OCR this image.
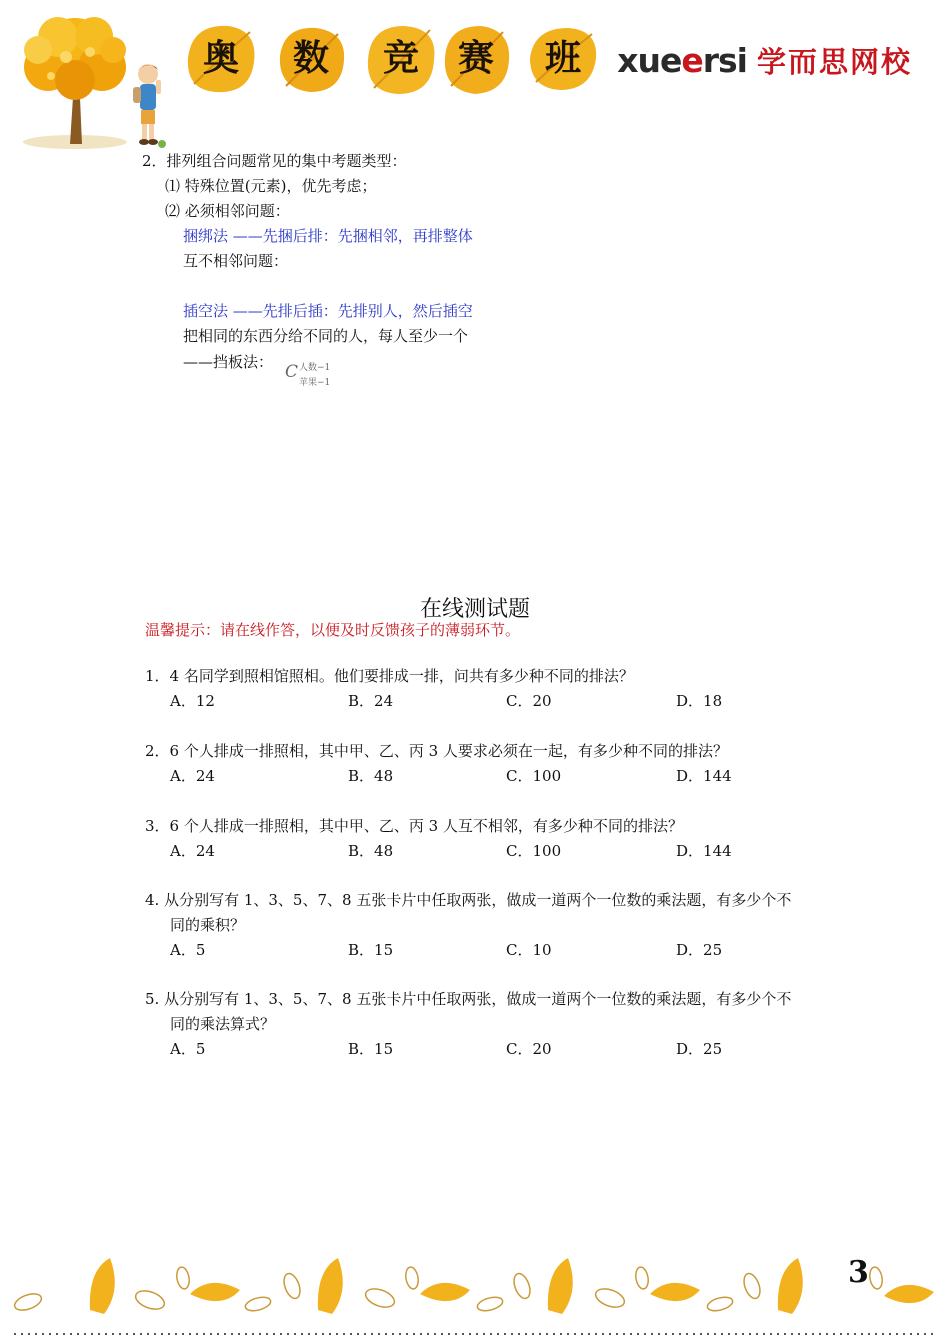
奥	数	竞	赛	班	xueersi 学而思网校
2．排列组合问题常见的集中考题类型：
⑴ 特殊位置(元素)，优先考虑；
⑵ 必须相邻问题：
捆绑法 ——先捆后排：先捆相邻，再排整体
互不相邻问题：
插空法 ——先排后插：先排别人，然后插空
把相同的东西分给不同的人，每人至少一个
——挡板法： C 人数−1
苹果−1
在线测试题
温馨提示：请在线作答，以便及时反馈孩子的薄弱环节。
1．4 名同学到照相馆照相。他们要排成一排，问共有多少种不同的排法？
A．12	B．24	C．20	D．18
2．6 个人排成一排照相，其中甲、乙、丙 3 人要求必须在一起，有多少种不同的排法？
A．24	B．48	C．100	D．144
3．6 个人排成一排照相，其中甲、乙、丙 3 人互不相邻，有多少种不同的排法？
A．24	B．48	C．100	D．144
4. 从分别写有 1、3、5、7、8 五张卡片中任取两张，做成一道两个一位数的乘法题，有多少个不
同的乘积？
A．5	B．15	C．10	D．25
5. 从分别写有 1、3、5、7、8 五张卡片中任取两张，做成一道两个一位数的乘法题，有多少个不
同的乘法算式？
A．5	B．15	C．20	D．25
3
